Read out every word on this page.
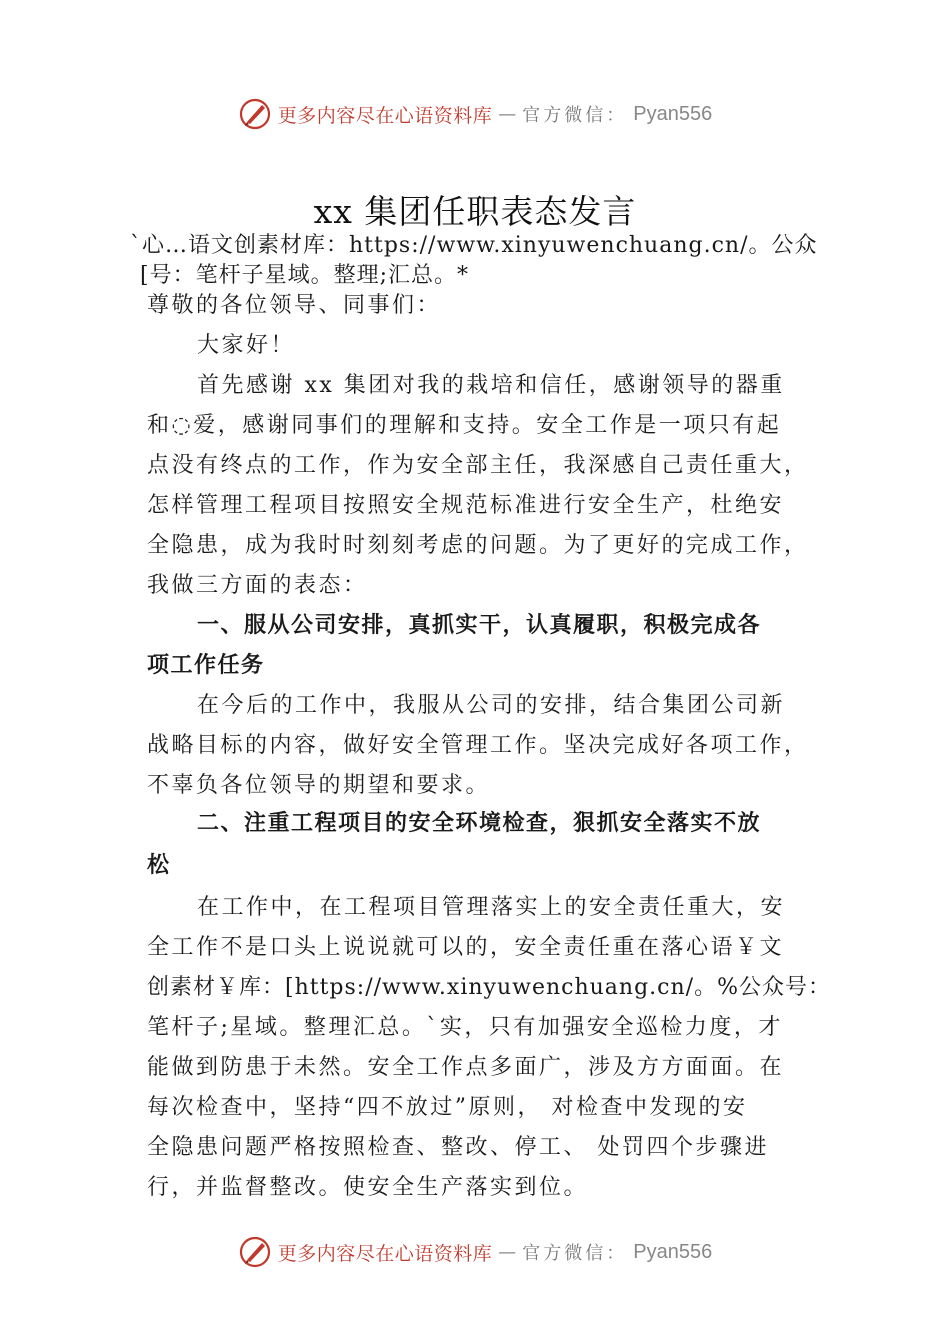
更多内容尽在心语资料库 — 官方微信： Pyan556
xx 集团任职表态发言
`心…语文创素材库：https://www.xinyuwenchuang.cn/。公众
[号：笔杆子星域。整理;汇总。*
尊敬的各位领导、同事们：
大家好！
首先感谢 xx 集团对我的栽培和信任，感谢领导的器重
和◌爱，感谢同事们的理解和支持。安全工作是一项只有起
点没有终点的工作，作为安全部主任，我深感自己责任重大，
怎样管理工程项目按照安全规范标准进行安全生产，杜绝安
全隐患，成为我时时刻刻考虑的问题。为了更好的完成工作，
我做三方面的表态：
一、服从公司安排，真抓实干，认真履职，积极完成各
项工作任务
在今后的工作中，我服从公司的安排，结合集团公司新
战略目标的内容，做好安全管理工作。坚决完成好各项工作，
不辜负各位领导的期望和要求。
二、注重工程项目的安全环境检查，狠抓安全落实不放
松
在工作中，在工程项目管理落实上的安全责任重大，安
全工作不是口头上说说就可以的，安全责任重在落心语￥文
创素材￥库：[https://www.xinyuwenchuang.cn/。%公众号：
笔杆子;星域。整理汇总。`实，只有加强安全巡检力度，才
能做到防患于未然。安全工作点多面广，涉及方方面面。在
每次检查中，坚持“四不放过”原则， 对检查中发现的安
全隐患问题严格按照检查、整改、停工、 处罚四个步骤进
行，并监督整改。使安全生产落实到位。
更多内容尽在心语资料库 — 官方微信： Pyan556
